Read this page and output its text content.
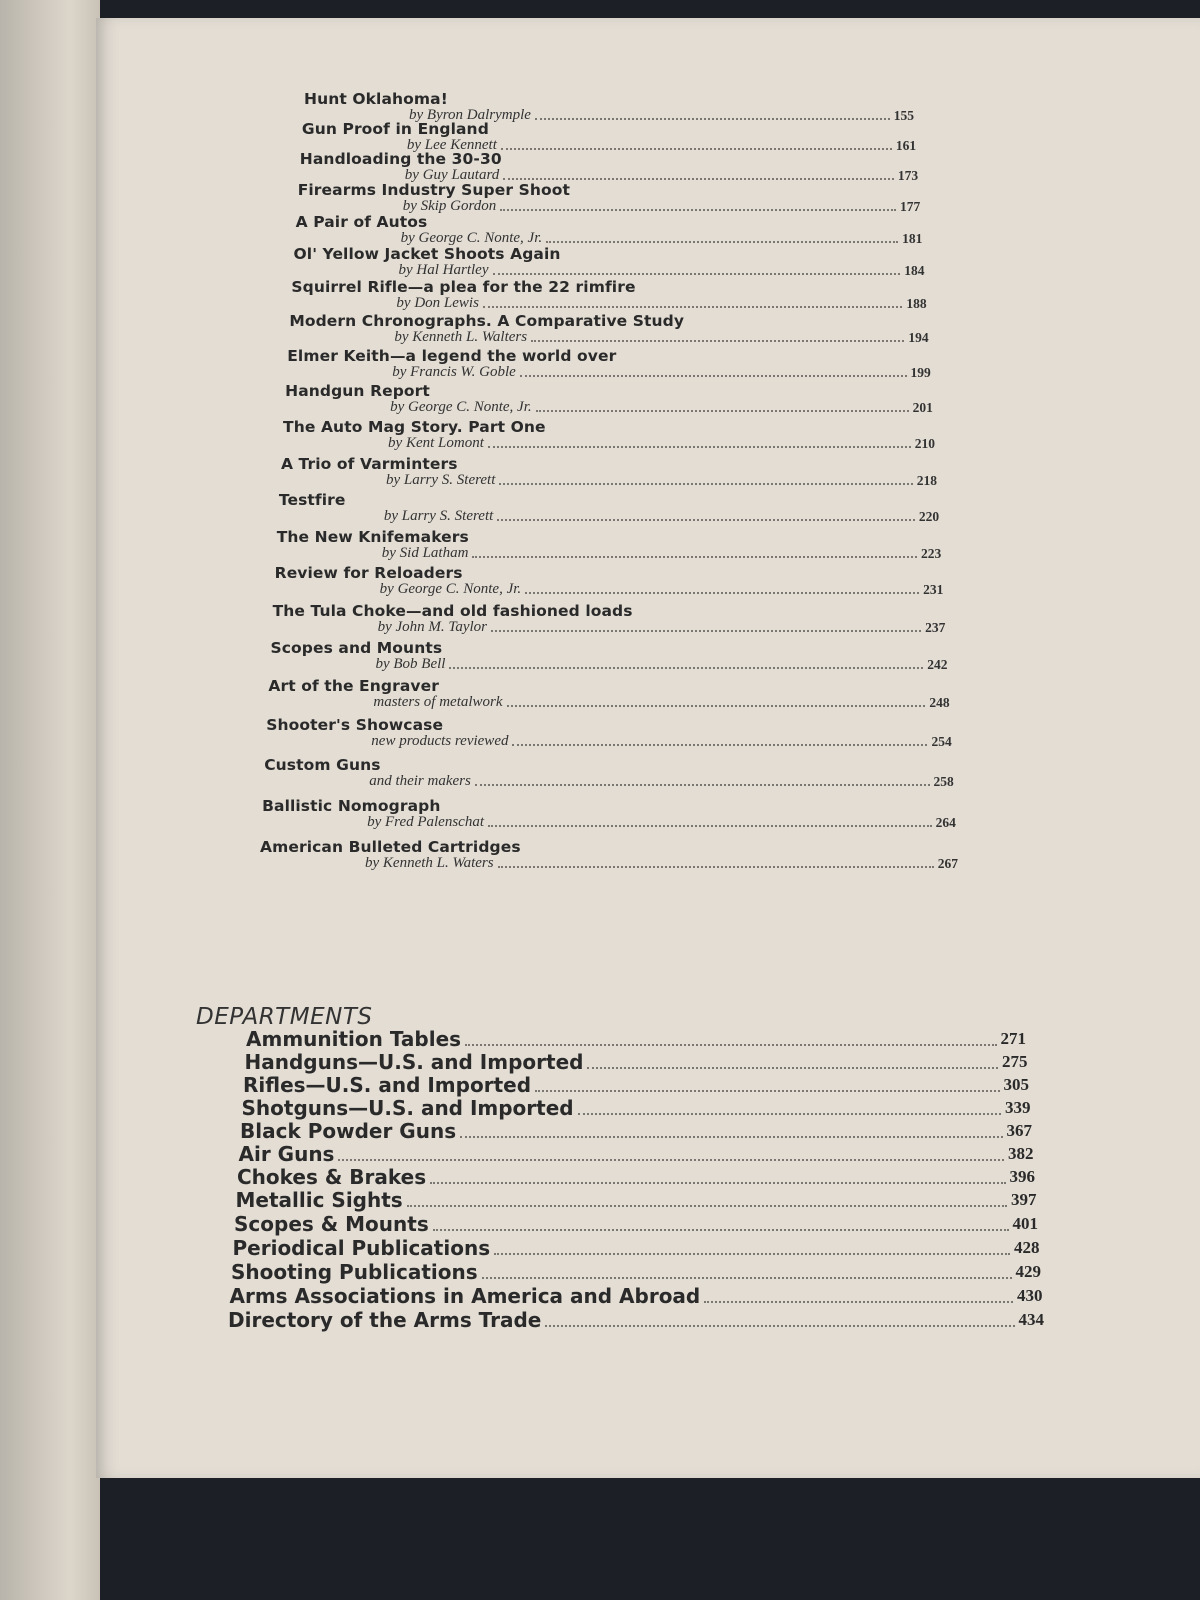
Hunt Oklahoma!
by Byron Dalrymple	155
Gun Proof in England
by Lee Kennett	161
Handloading the 30-30
by Guy Lautard	173
Firearms Industry Super Shoot
by Skip Gordon	177
A Pair of Autos
by George C. Nonte, Jr.	181
Ol' Yellow Jacket Shoots Again
by Hal Hartley	184
Squirrel Rifle—a plea for the 22 rimfire
by Don Lewis	188
Modern Chronographs. A Comparative Study
by Kenneth L. Walters	194
Elmer Keith—a legend the world over
by Francis W. Goble	199
Handgun Report
by George C. Nonte, Jr.	201
The Auto Mag Story. Part One
by Kent Lomont	210
A Trio of Varminters
by Larry S. Sterett	218
Testfire
by Larry S. Sterett	220
The New Knifemakers
by Sid Latham	223
Review for Reloaders
by George C. Nonte, Jr.	231
The Tula Choke—and old fashioned loads
by John M. Taylor	237
Scopes and Mounts
by Bob Bell	242
Art of the Engraver
masters of metalwork	248
Shooter's Showcase
new products reviewed	254
Custom Guns
and their makers	258
Ballistic Nomograph
by Fred Palenschat	264
American Bulleted Cartridges
by Kenneth L. Waters	267
DEPARTMENTS
Ammunition Tables	271
Handguns—U.S. and Imported	275
Rifles—U.S. and Imported	305
Shotguns—U.S. and Imported	339
Black Powder Guns	367
Air Guns	382
Chokes & Brakes	396
Metallic Sights	397
Scopes & Mounts	401
Periodical Publications	428
Shooting Publications	429
Arms Associations in America and Abroad	430
Directory of the Arms Trade	434
